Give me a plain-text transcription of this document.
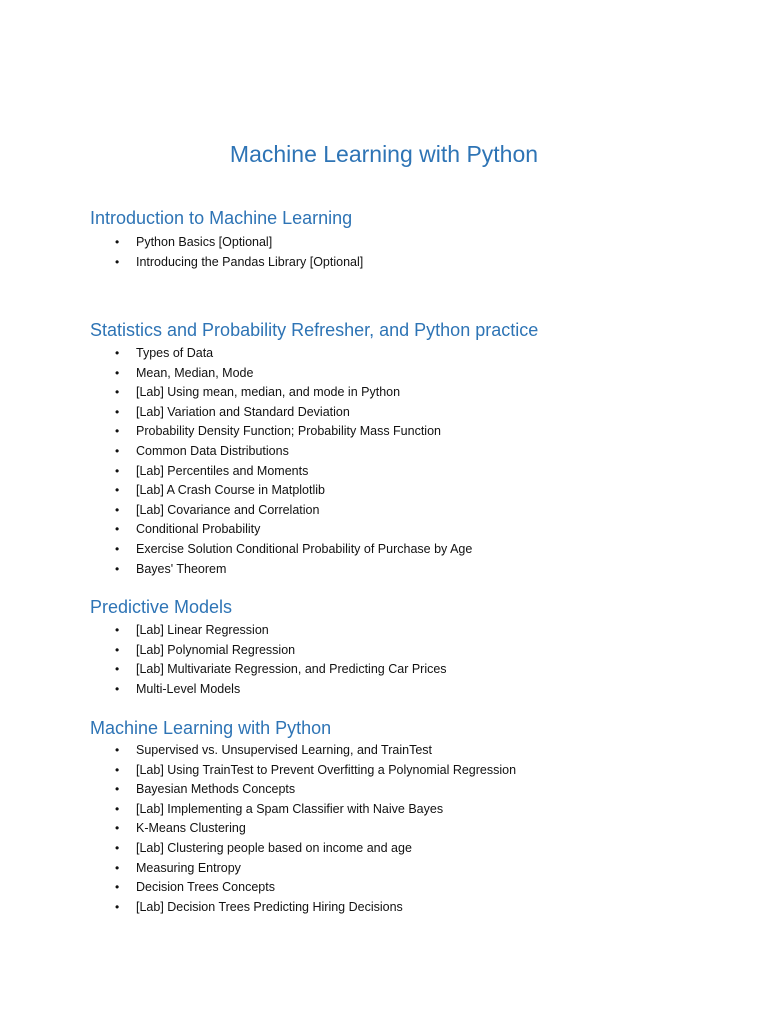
Machine Learning with Python
Introduction to Machine Learning
• Python Basics [Optional]
• Introducing the Pandas Library [Optional]
Statistics and Probability Refresher, and Python practice
• Types of Data
• Mean, Median, Mode
• [Lab] Using mean, median, and mode in Python
• [Lab] Variation and Standard Deviation
• Probability Density Function; Probability Mass Function
• Common Data Distributions
• [Lab] Percentiles and Moments
• [Lab] A Crash Course in Matplotlib
• [Lab] Covariance and Correlation
• Conditional Probability
• Exercise Solution Conditional Probability of Purchase by Age
• Bayes' Theorem
Predictive Models
• [Lab] Linear Regression
• [Lab] Polynomial Regression
• [Lab] Multivariate Regression, and Predicting Car Prices
• Multi-Level Models
Machine Learning with Python
• Supervised vs. Unsupervised Learning, and TrainTest
• [Lab] Using TrainTest to Prevent Overfitting a Polynomial Regression
• Bayesian Methods Concepts
• [Lab] Implementing a Spam Classifier with Naive Bayes
• K-Means Clustering
• [Lab] Clustering people based on income and age
• Measuring Entropy
• Decision Trees Concepts
• [Lab] Decision Trees Predicting Hiring Decisions
